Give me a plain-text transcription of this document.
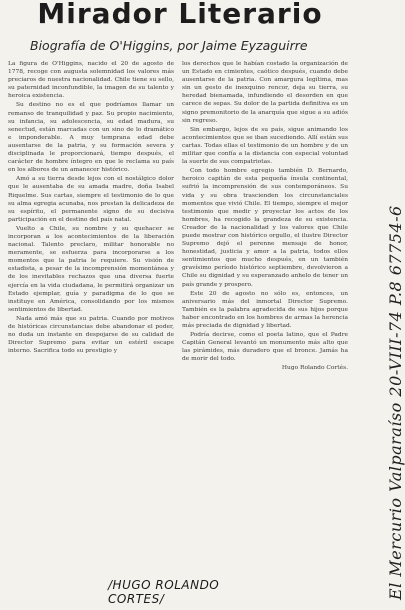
Mirador Literario
Biografía de O'Higgins, por Jaime Eyzaguirre

La figura de O'Higgins, nacido el 20 de agosto de 1778, recoge con augusta solemnidad los valores más preciaros de nuestra nacionalidad. Chile tiene su sello, su paternidad inconfundible, la imagen de su talento y heroica existencia.

Su destino no es el que podríamos llamar un remanso de tranquilidad y paz. Su propio nacimiento, su infancia, su adolescencia, su edad madura, su senectud, están marcadas con un sino de lo dramático e imponderable. A muy temprana edad debe ausentarse de la patria, y su formación severa y disciplinada le proporcionará, tiempo después, el carácter de hombre íntegro en que le reclama su país en los albores de un amanecer histórico.

Amó a su tierra desde lejos con el nostálgico dolor que le ausentaba de su amada madre, doña Isabel Riquelme. Sus cartas, siempre el testimonio de lo que su alma egregia acunaba, nos prestan la delicadeza de su espíritu, el permanente signo de su decisiva participación en el destino del país natal.

Vuelto a Chile, su nombre y su quehacer se incorporan a los acontecimientos de la liberación nacional. Talento preclaro, militar honorable no meramente, se esfuerza para incorporarse a los momentos que la patria le requiere. Su visión de estadista, a pesar de la incomprensión momentánea y de los inevitables rechazos que una diversa fuerte ejercía en la vida ciudadana, le permitirá organizar un Estado ejemplar, guía y paradigma de lo que se instituye en América, consolidando por los mismos sentimientos de libertad.

Nada amó más que su patria. Cuando por motivos de históricas circunstancias debe abandonar el poder, no duda un instante en despojarse de su calidad de Director Supremo para evitar un estéril escape interno. Sacrifica todo su prestigio y

los derechos que le habían costado la organización de un Estado en cimientes, caótico después, cuando debe ausentarse de la patria. Con amargura legítima, mas sin un gesto de inexquino rencor, deja su tierra, su heredad bienamada, infundiendo el desorden en que carece de sepas. Su dolor de la partida definitiva es un signo premonitorio de la anarquía que sigue a su adiós sin regreso.

Sin embargo, lejos de su país, sigue animando los acontecimientos que se iban sucediendo. Allí están sus cartas. Todas ellas el testimonio de un hombre y de un militar que confía a la distancia con especial voluntad la suerte de sus compatriotas.

Con todo hombre egregio también D. Bernardo, heroico capitán de esta pequeña ínsula continental, sufrió la incomprensión de sus contemporáneos. Su vida y su obra trascienden los circunstanciales momentos que vivió Chile. El tiempo, siempre el mejor testimonio que medir y proyectar los actos de los hombres, ha recogido la grandeza de su existencia. Creador de la nacionalidad y los valores que Chile puede mostrar con histórico orgullo, el ilustre Director Supremo dejó el perenne mensaje de honor, honestidad, justicia y amor a la patria, todos ellos sentimientos que mucho después, en un también gravísimo período histórico septiembre, devolvieron a Chile su dignidad y su esperanzado anhelo de tener un país grande y prospero.

Este 20 de agosto no sólo es, entonces, un aniversario más del inmortal Director Supremo. También es la palabra agradecida de sus hijos porque haber encontrado en los hombres de armas la herencia más preciada de dignidad y libertad.

Podría decirse, como el poeta latino, que el Padre Capitán General levantó un monumento más alto que las pirámides, más duradero que el bronce. Jamás ha de morir del todo.

Hugo Rolando Cortés. El Mercurio Valparaíso 20-VIII-74 P.8 67754-6
/HUGO ROLANDO CORTES/
